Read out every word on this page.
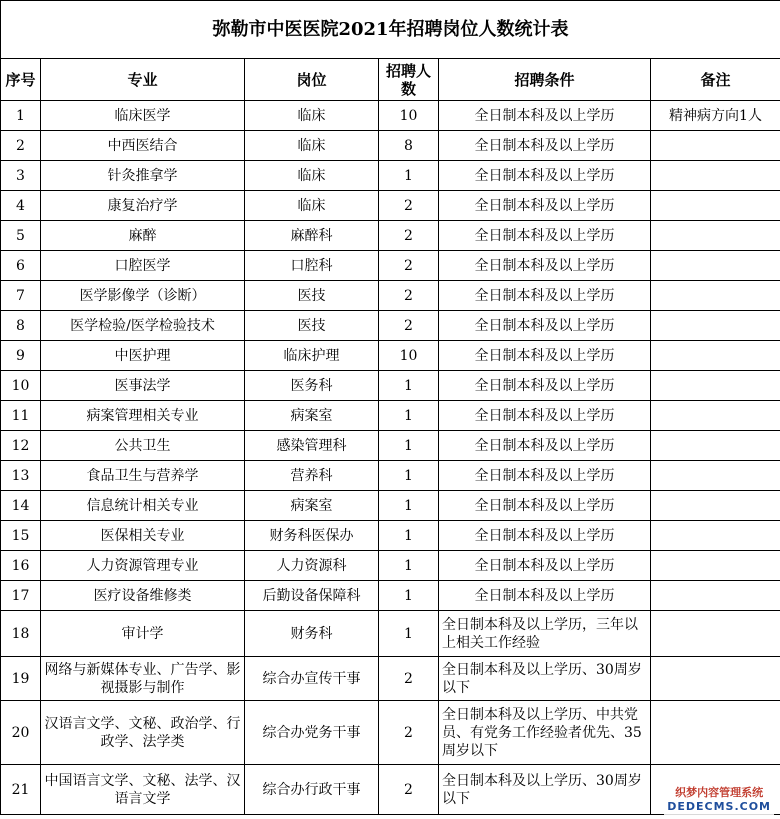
弥勒市中医医院2021年招聘岗位人数统计表					
序号	专业	岗位	招聘人数	招聘条件	备注
1	临床医学	临床	10	全日制本科及以上学历	精神病方向1人
2	中西医结合	临床	8	全日制本科及以上学历	
3	针灸推拿学	临床	1	全日制本科及以上学历	
4	康复治疗学	临床	2	全日制本科及以上学历	
5	麻醉	麻醉科	2	全日制本科及以上学历	
6	口腔医学	口腔科	2	全日制本科及以上学历	
7	医学影像学（诊断）	医技	2	全日制本科及以上学历	
8	医学检验/医学检验技术	医技	2	全日制本科及以上学历	
9	中医护理	临床护理	10	全日制本科及以上学历	
10	医事法学	医务科	1	全日制本科及以上学历	
11	病案管理相关专业	病案室	1	全日制本科及以上学历	
12	公共卫生	感染管理科	1	全日制本科及以上学历	
13	食品卫生与营养学	营养科	1	全日制本科及以上学历	
14	信息统计相关专业	病案室	1	全日制本科及以上学历	
15	医保相关专业	财务科医保办	1	全日制本科及以上学历	
16	人力资源管理专业	人力资源科	1	全日制本科及以上学历	
17	医疗设备维修类	后勤设备保障科	1	全日制本科及以上学历	
18	审计学	财务科	1	全日制本科及以上学历，三年以上相关工作经验	
19	网络与新媒体专业、广告学、影视摄影与制作	综合办宣传干事	2	全日制本科及以上学历、30周岁以下	
20	汉语言文学、文秘、政治学、行政学、法学类	综合办党务干事	2	全日制本科及以上学历、中共党员、有党务工作经验者优先、35周岁以下	
21	中国语言文学、文秘、法学、汉语言文学	综合办行政干事	2	全日制本科及以上学历、30周岁以下		织梦内容管理系统
DEDECMS.COM
